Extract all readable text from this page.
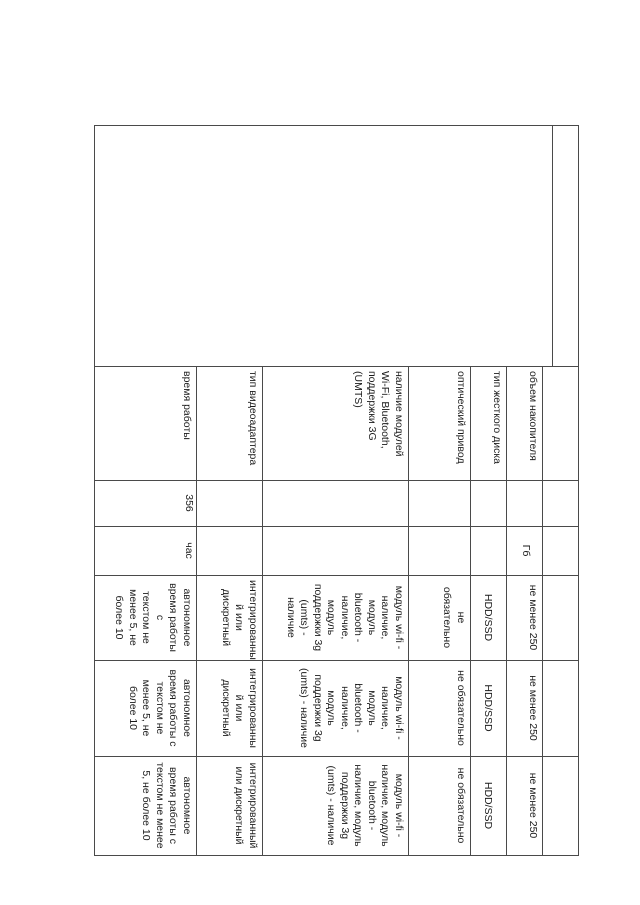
объем накопителя
Гб
не менее 250
не менее 250
не менее 250
тип жесткого диска
HDD/SSD
HDD/SSD
HDD/SSD
оптический привод
не обязательно
не обязательно
не обязательно
наличие модулей
Wi-Fi, Bluetooth,
поддержки 3G
(UMTS)
модуль wi-fi -
наличие,
модуль
bluetooth -
наличие,
модуль
поддержки 3g
(umts) - наличие
модуль wi-fi -
наличие,
модуль
bluetooth -
наличие,
модуль
поддержки 3g
(umts) - наличие
модуль wi-fi -
наличие, модуль
bluetooth -
наличие, модуль
поддержки 3g
(umts) - наличие
тип видеоадаптера
интегрированны
й или
дискретный
интегрированны
й или
дискретный
интегрированный
или дискретный
время работы
356
час
автономное
время работы с
текстом не
менее 5, не
более 10
автономное
время работы с
текстом не
менее 5, не
более 10
автономное
время работы с
текстом не менее
5, не более 10
